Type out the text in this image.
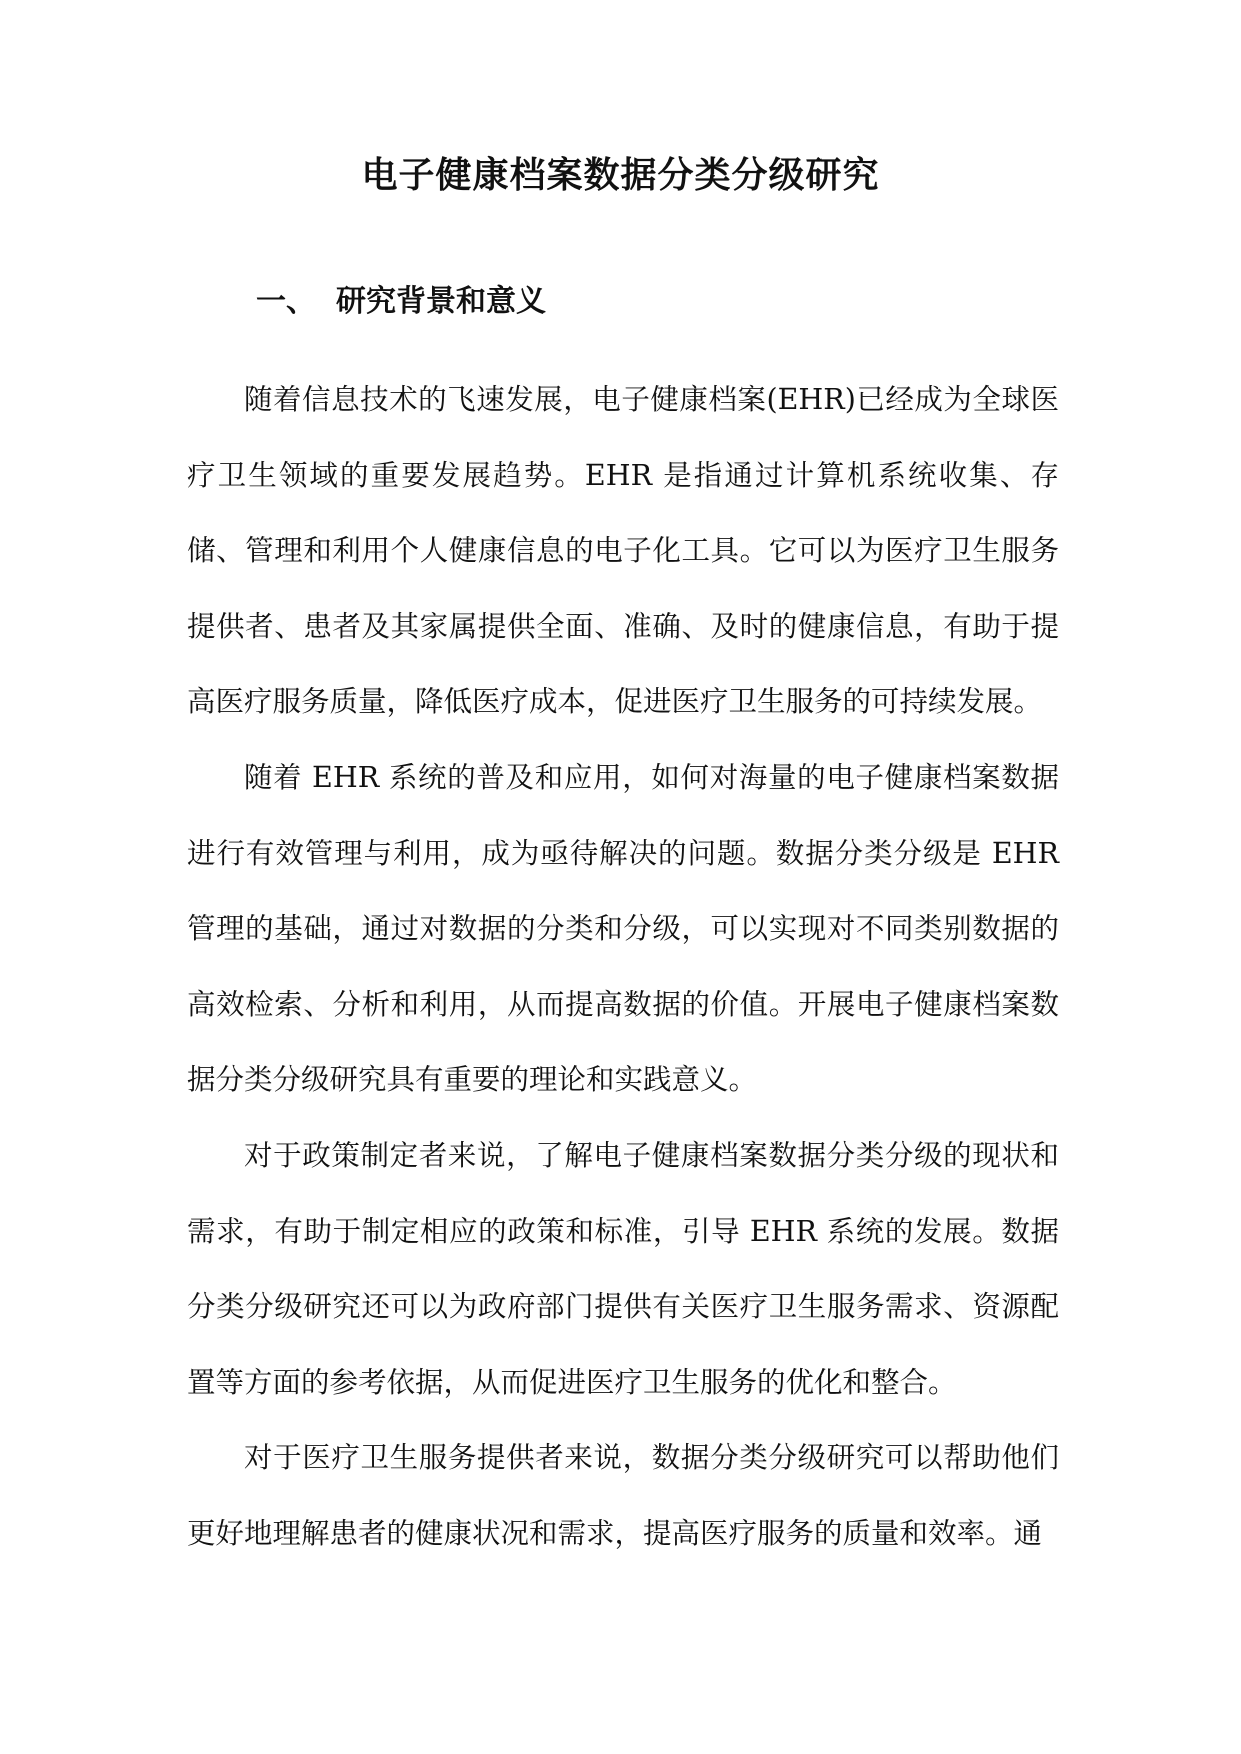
电子健康档案数据分类分级研究
一、 研究背景和意义

随着信息技术的飞速发展，电子健康档案(EHR)已经成为全球医疗卫生领域的重要发展趋势。EHR 是指通过计算机系统收集、存储、管理和利用个人健康信息的电子化工具。它可以为医疗卫生服务提供者、患者及其家属提供全面、准确、及时的健康信息，有助于提高医疗服务质量，降低医疗成本，促进医疗卫生服务的可持续发展。

随着 EHR 系统的普及和应用，如何对海量的电子健康档案数据进行有效管理与利用，成为亟待解决的问题。数据分类分级是 EHR 管理的基础，通过对数据的分类和分级，可以实现对不同类别数据的高效检索、分析和利用，从而提高数据的价值。开展电子健康档案数据分类分级研究具有重要的理论和实践意义。

对于政策制定者来说，了解电子健康档案数据分类分级的现状和需求，有助于制定相应的政策和标准，引导 EHR 系统的发展。数据分类分级研究还可以为政府部门提供有关医疗卫生服务需求、资源配置等方面的参考依据，从而促进医疗卫生服务的优化和整合。

对于医疗卫生服务提供者来说，数据分类分级研究可以帮助他们更好地理解患者的健康状况和需求，提高医疗服务的质量和效率。通
